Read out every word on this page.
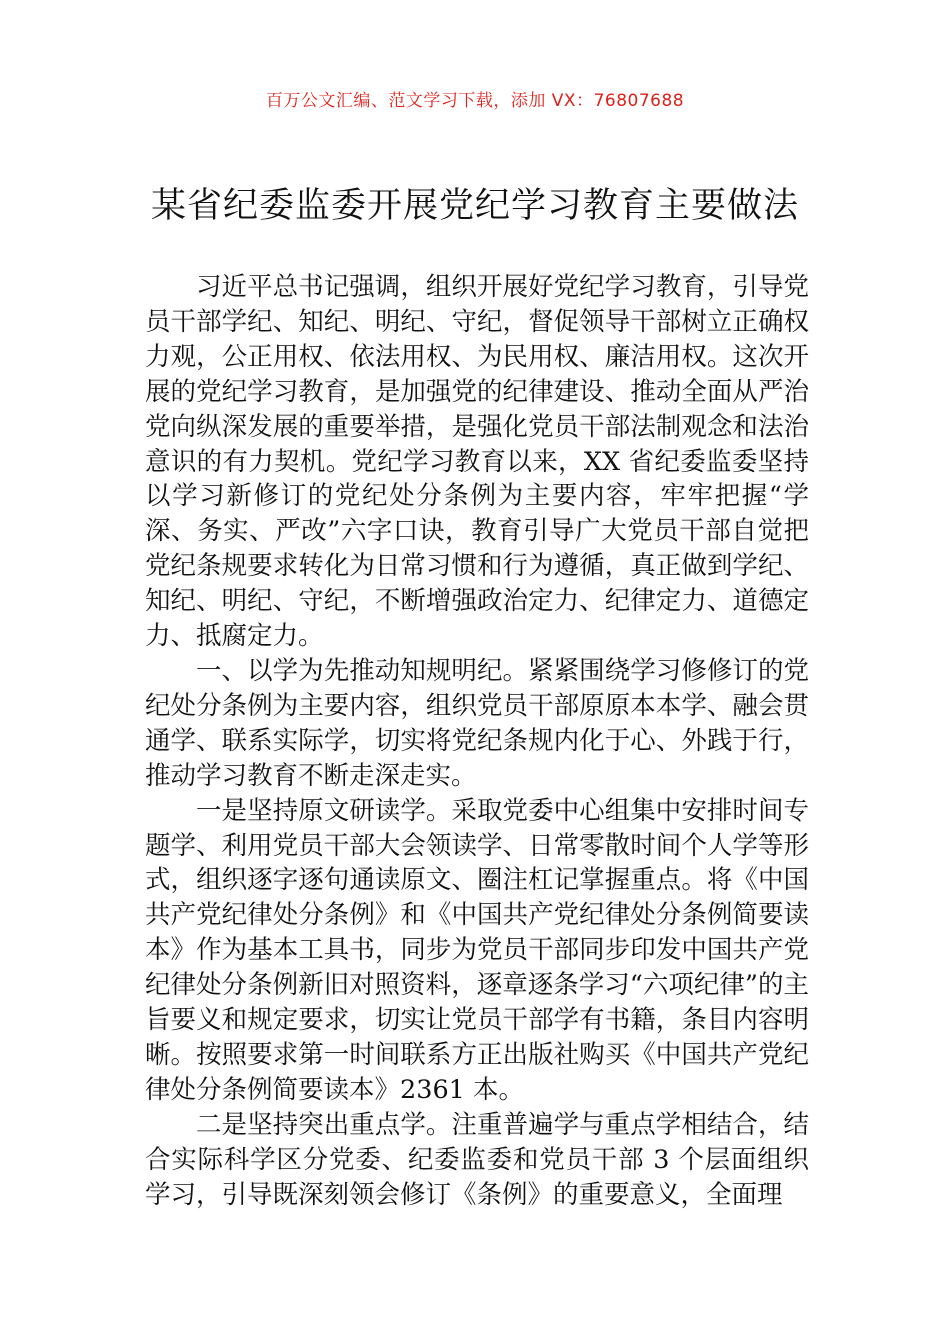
百万公文汇编、范文学习下载，添加 VX：76807688
某省纪委监委开展党纪学习教育主要做法

习近平总书记强调，组织开展好党纪学习教育，引导党员干部学纪、知纪、明纪、守纪，督促领导干部树立正确权力观，公正用权、依法用权、为民用权、廉洁用权。这次开展的党纪学习教育，是加强党的纪律建设、推动全面从严治党向纵深发展的重要举措，是强化党员干部法制观念和法治意识的有力契机。党纪学习教育以来，XX 省纪委监委坚持以学习新修订的党纪处分条例为主要内容，牢牢把握“学深、务实、严改”六字口诀，教育引导广大党员干部自觉把党纪条规要求转化为日常习惯和行为遵循，真正做到学纪、知纪、明纪、守纪，不断增强政治定力、纪律定力、道德定力、抵腐定力。

一、以学为先推动知规明纪。紧紧围绕学习修修订的党纪处分条例为主要内容，组织党员干部原原本本学、融会贯通学、联系实际学，切实将党纪条规内化于心、外践于行，推动学习教育不断走深走实。

一是坚持原文研读学。采取党委中心组集中安排时间专题学、利用党员干部大会领读学、日常零散时间个人学等形式，组织逐字逐句通读原文、圈注杠记掌握重点。将《中国共产党纪律处分条例》和《中国共产党纪律处分条例简要读本》作为基本工具书，同步为党员干部同步印发中国共产党纪律处分条例新旧对照资料，逐章逐条学习“六项纪律”的主旨要义和规定要求，切实让党员干部学有书籍，条目内容明晰。按照要求第一时间联系方正出版社购买《中国共产党纪律处分条例简要读本》2361 本。

二是坚持突出重点学。注重普遍学与重点学相结合，结合实际科学区分党委、纪委监委和党员干部 3 个层面组织学习，引导既深刻领会修订《条例》的重要意义，全面理
